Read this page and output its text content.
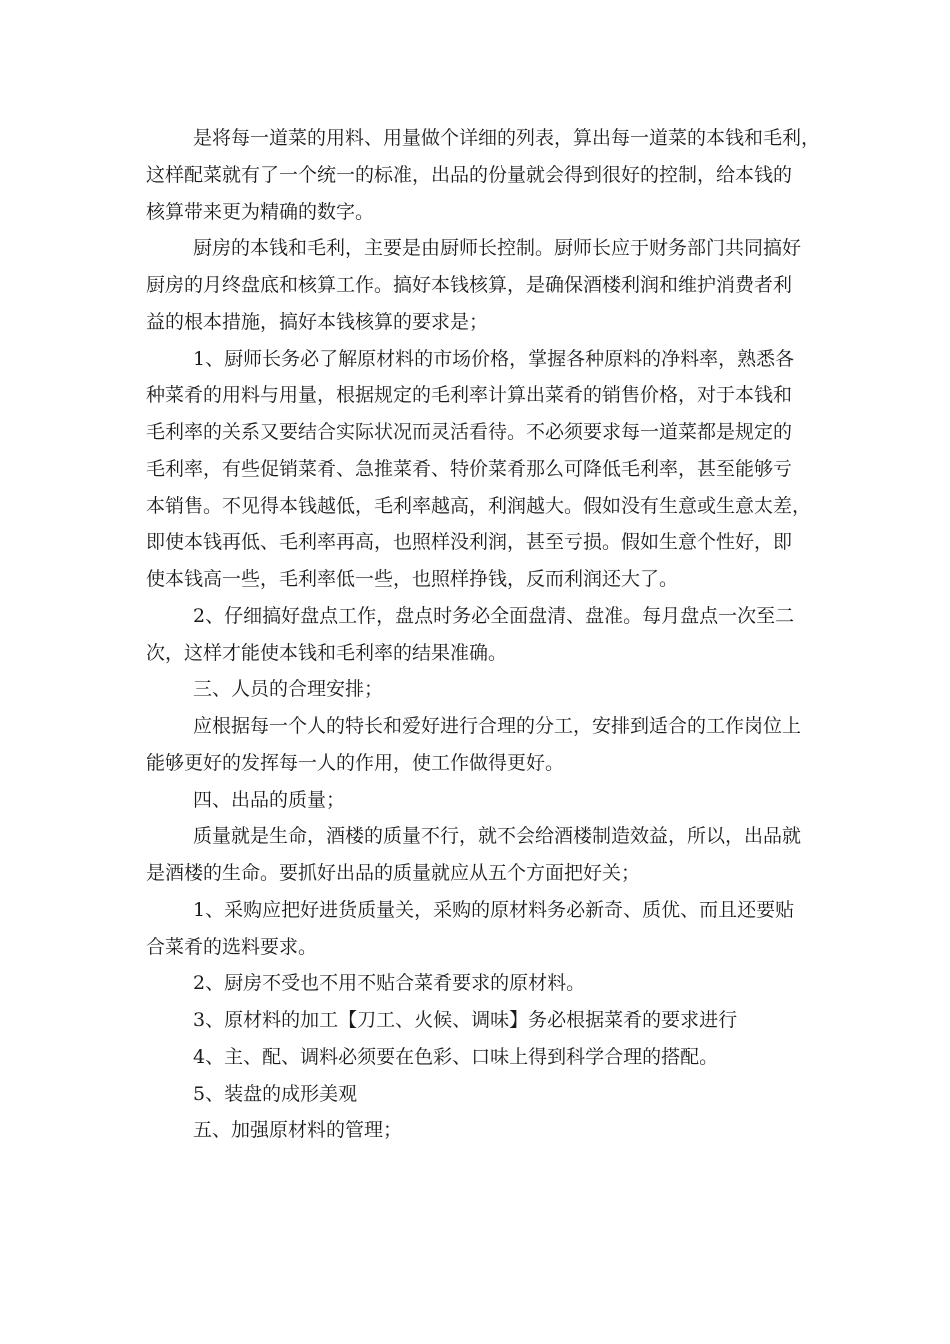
是将每一道菜的用料、用量做个详细的列表，算出每一道菜的本钱和毛利，
这样配菜就有了一个统一的标准，出品的份量就会得到很好的控制，给本钱的
核算带来更为精确的数字。
厨房的本钱和毛利，主要是由厨师长控制。厨师长应于财务部门共同搞好
厨房的月终盘底和核算工作。搞好本钱核算，是确保酒楼利润和维护消费者利
益的根本措施，搞好本钱核算的要求是；
1、厨师长务必了解原材料的市场价格，掌握各种原料的净料率，熟悉各
种菜肴的用料与用量，根据规定的毛利率计算出菜肴的销售价格，对于本钱和
毛利率的关系又要结合实际状况而灵活看待。不必须要求每一道菜都是规定的
毛利率，有些促销菜肴、急推菜肴、特价菜肴那么可降低毛利率，甚至能够亏
本销售。不见得本钱越低，毛利率越高，利润越大。假如没有生意或生意太差，
即使本钱再低、毛利率再高，也照样没利润，甚至亏损。假如生意个性好，即
使本钱高一些，毛利率低一些，也照样挣钱，反而利润还大了。
2、仔细搞好盘点工作，盘点时务必全面盘清、盘准。每月盘点一次至二
次，这样才能使本钱和毛利率的结果准确。
三、人员的合理安排；
应根据每一个人的特长和爱好进行合理的分工，安排到适合的工作岗位上
能够更好的发挥每一人的作用，使工作做得更好。
四、出品的质量；
质量就是生命，酒楼的质量不行，就不会给酒楼制造效益，所以，出品就
是酒楼的生命。要抓好出品的质量就应从五个方面把好关；
1、采购应把好进货质量关，采购的原材料务必新奇、质优、而且还要贴
合菜肴的选料要求。
2、厨房不受也不用不贴合菜肴要求的原材料。
3、原材料的加工【刀工、火候、调味】务必根据菜肴的要求进行
4、主、配、调料必须要在色彩、口味上得到科学合理的搭配。
5、装盘的成形美观
五、加强原材料的管理；
